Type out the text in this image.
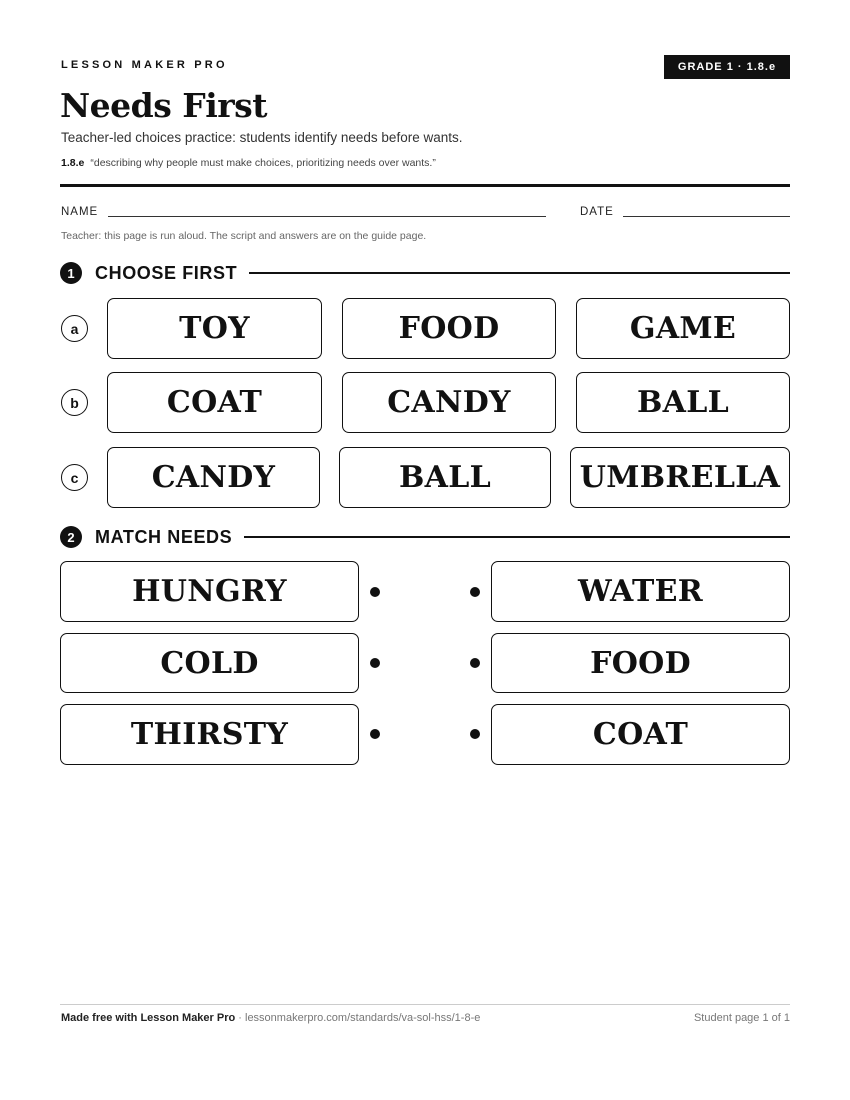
LESSON MAKER PRO	GRADE 1 · 1.8.e
Needs First
Teacher-led choices practice: students identify needs before wants.
1.8.e “describing why people must make choices, prioritizing needs over wants.”
NAME	DATE
Teacher: this page is run aloud. The script and answers are on the guide page.
1	CHOOSE FIRST
a	TOY	FOOD	GAME
b	COAT	CANDY	BALL
c	CANDY	BALL	UMBRELLA
2	MATCH NEEDS
HUNGRY	WATER
COLD	FOOD
THIRSTY	COAT
Made free with Lesson Maker Pro · lessonmakerpro.com/standards/va-sol-hss/1-8-e	Student page 1 of 1
